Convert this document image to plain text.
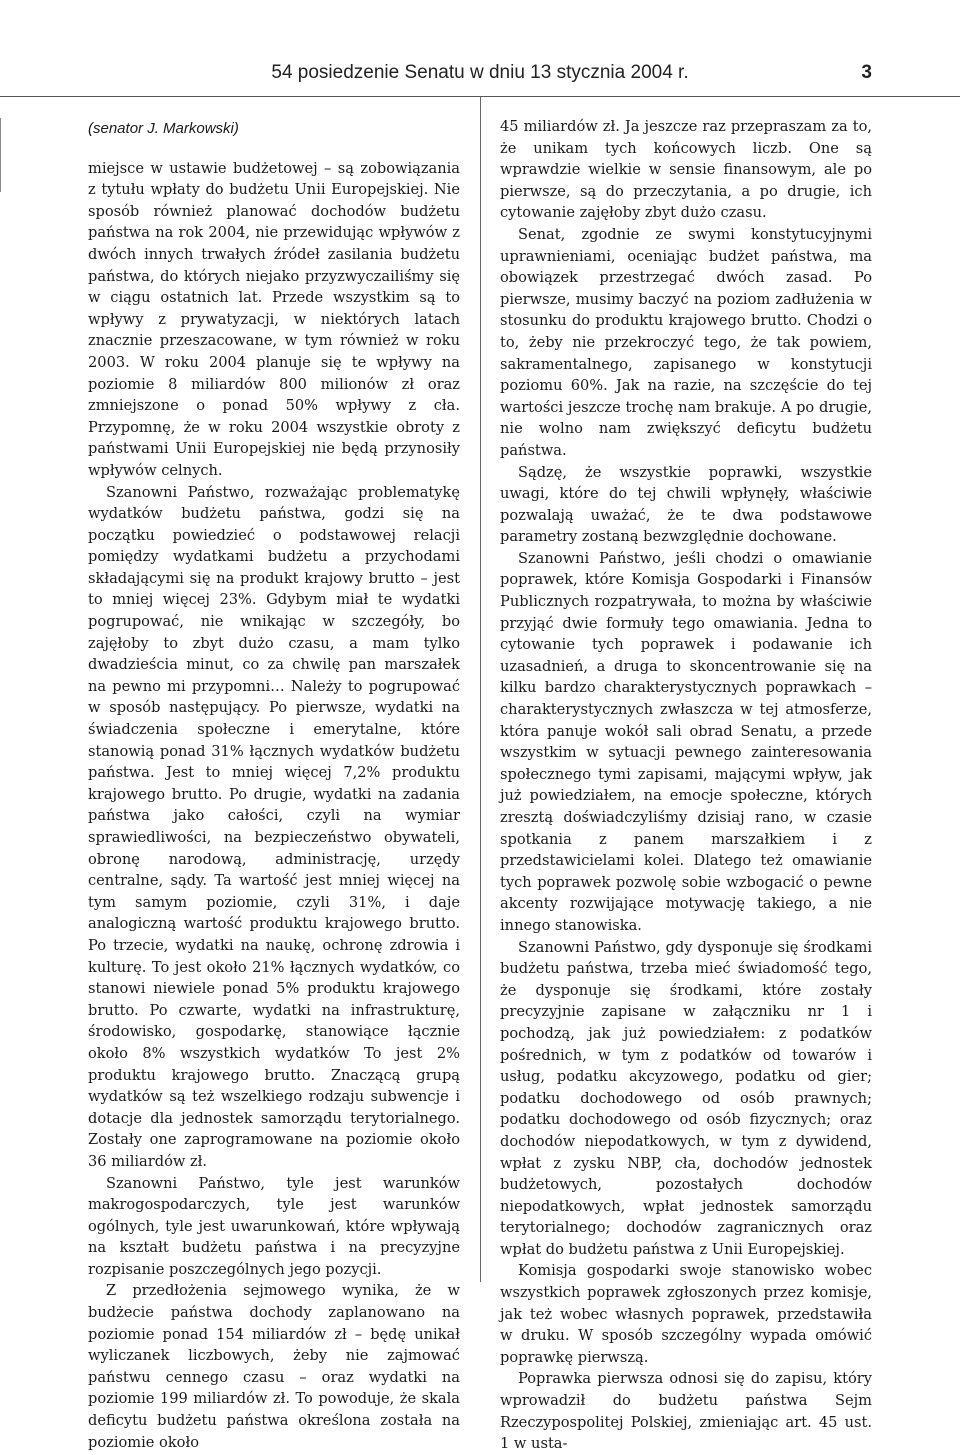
54 posiedzenie Senatu w dniu 13 stycznia 2004 r.	3

(senator J. Markowski)

miejsce w ustawie budżetowej – są zobowiązania z tytułu wpłaty do budżetu Unii Europejskiej. Nie sposób również planować dochodów budżetu państwa na rok 2004, nie przewidując wpływów z dwóch innych trwałych źródeł zasilania budżetu państwa, do których niejako przyzwyczailiśmy się w ciągu ostatnich lat. Przede wszystkim są to wpływy z prywatyzacji, w niektórych latach znacznie przeszacowane, w tym również w roku 2003. W roku 2004 planuje się te wpływy na poziomie 8 miliardów 800 milionów zł oraz zmniejszone o ponad 50% wpływy z cła. Przypomnę, że w roku 2004 wszystkie obroty z państwami Unii Europejskiej nie będą przynosiły wpływów celnych.

Szanowni Państwo, rozważając problematykę wydatków budżetu państwa, godzi się na początku powiedzieć o podstawowej relacji pomiędzy wydatkami budżetu a przychodami składającymi się na produkt krajowy brutto – jest to mniej więcej 23%. Gdybym miał te wydatki pogrupować, nie wnikając w szczegóły, bo zajęłoby to zbyt dużo czasu, a mam tylko dwadzieścia minut, co za chwilę pan marszałek na pewno mi przypomni… Należy to pogrupować w sposób następujący. Po pierwsze, wydatki na świadczenia społeczne i emerytalne, które stanowią ponad 31% łącznych wydatków budżetu państwa. Jest to mniej więcej 7,2% produktu krajowego brutto. Po drugie, wydatki na zadania państwa jako całości, czyli na wymiar sprawiedliwości, na bezpieczeństwo obywateli, obronę narodową, administrację, urzędy centralne, sądy. Ta wartość jest mniej więcej na tym samym poziomie, czyli 31%, i daje analogiczną wartość produktu krajowego brutto. Po trzecie, wydatki na naukę, ochronę zdrowia i kulturę. To jest około 21% łącznych wydatków, co stanowi niewiele ponad 5% produktu krajowego brutto. Po czwarte, wydatki na infrastrukturę, środowisko, gospodarkę, stanowiące łącznie około 8% wszystkich wydatków To jest 2% produktu krajowego brutto. Znaczącą grupą wydatków są też wszelkiego rodzaju subwencje i dotacje dla jednostek samorządu terytorialnego. Zostały one zaprogramowane na poziomie około 36 miliardów zł.

Szanowni Państwo, tyle jest warunków makrogospodarczych, tyle jest warunków ogólnych, tyle jest uwarunkowań, które wpływają na kształt budżetu państwa i na precyzyjne rozpisanie poszczególnych jego pozycji.

Z przedłożenia sejmowego wynika, że w budżecie państwa dochody zaplanowano na poziomie ponad 154 miliardów zł – będę unikał wyliczanek liczbowych, żeby nie zajmować państwu cennego czasu – oraz wydatki na poziomie 199 miliardów zł. To powoduje, że skala deficytu budżetu państwa określona została na poziomie około

45 miliardów zł. Ja jeszcze raz przepraszam za to, że unikam tych końcowych liczb. One są wprawdzie wielkie w sensie finansowym, ale po pierwsze, są do przeczytania, a po drugie, ich cytowanie zajęłoby zbyt dużo czasu.

Senat, zgodnie ze swymi konstytucyjnymi uprawnieniami, oceniając budżet państwa, ma obowiązek przestrzegać dwóch zasad. Po pierwsze, musimy baczyć na poziom zadłużenia w stosunku do produktu krajowego brutto. Chodzi o to, żeby nie przekroczyć tego, że tak powiem, sakramentalnego, zapisanego w konstytucji poziomu 60%. Jak na razie, na szczęście do tej wartości jeszcze trochę nam brakuje. A po drugie, nie wolno nam zwiększyć deficytu budżetu państwa.

Sądzę, że wszystkie poprawki, wszystkie uwagi, które do tej chwili wpłynęły, właściwie pozwalają uważać, że te dwa podstawowe parametry zostaną bezwzględnie dochowane.

Szanowni Państwo, jeśli chodzi o omawianie poprawek, które Komisja Gospodarki i Finansów Publicznych rozpatrywała, to można by właściwie przyjąć dwie formuły tego omawiania. Jedna to cytowanie tych poprawek i podawanie ich uzasadnień, a druga to skoncentrowanie się na kilku bardzo charakterystycznych poprawkach – charakterystycznych zwłaszcza w tej atmosferze, która panuje wokół sali obrad Senatu, a przede wszystkim w sytuacji pewnego zainteresowania społecznego tymi zapisami, mającymi wpływ, jak już powiedziałem, na emocje społeczne, których zresztą doświadczyliśmy dzisiaj rano, w czasie spotkania z panem marszałkiem i z przedstawicielami kolei. Dlatego też omawianie tych poprawek pozwolę sobie wzbogacić o pewne akcenty rozwijające motywację takiego, a nie innego stanowiska.

Szanowni Państwo, gdy dysponuje się środkami budżetu państwa, trzeba mieć świadomość tego, że dysponuje się środkami, które zostały precyzyjnie zapisane w załączniku nr 1 i pochodzą, jak już powiedziałem: z podatków pośrednich, w tym z podatków od towarów i usług, podatku akcyzowego, podatku od gier; podatku dochodowego od osób prawnych; podatku dochodowego od osób fizycznych; oraz dochodów niepodatkowych, w tym z dywidend, wpłat z zysku NBP, cła, dochodów jednostek budżetowych, pozostałych dochodów niepodatkowych, wpłat jednostek samorządu terytorialnego; dochodów zagranicznych oraz wpłat do budżetu państwa z Unii Europejskiej.

Komisja gospodarki swoje stanowisko wobec wszystkich poprawek zgłoszonych przez komisje, jak też wobec własnych poprawek, przedstawiła w druku. W sposób szczególny wypada omówić poprawkę pierwszą.

Poprawka pierwsza odnosi się do zapisu, który wprowadził do budżetu państwa Sejm Rzeczypospolitej Polskiej, zmieniając art. 45 ust. 1 w usta-
